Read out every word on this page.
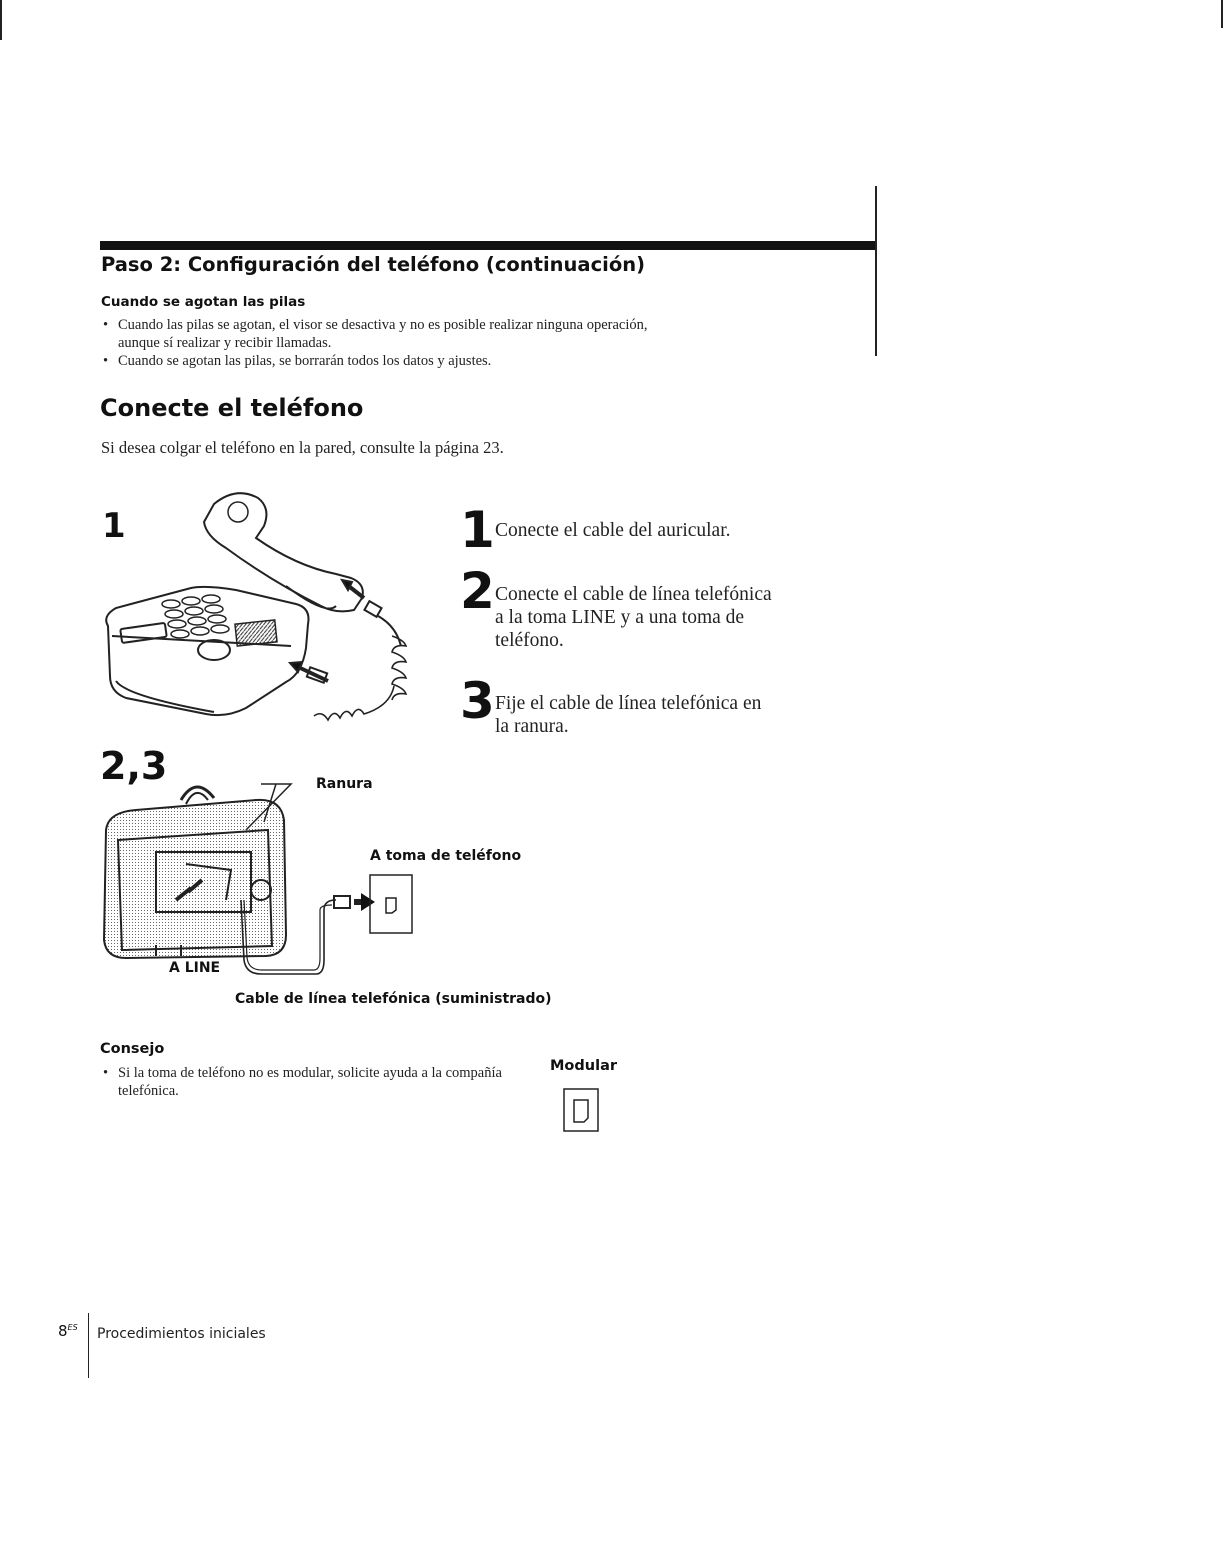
Paso 2: Configuración del teléfono (continuación)
Cuando se agotan las pilas
• Cuando las pilas se agotan, el visor se desactiva y no es posible realizar ninguna operación, aunque sí realizar y recibir llamadas.
• Cuando se agotan las pilas, se borrarán todos los datos y ajustes.
Conecte el teléfono
Si desea colgar el teléfono en la pared, consulte la página 23.
1
2,3	Ranura
A toma de teléfono
A LINE
Cable de línea telefónica (suministrado)
1 Conecte el cable del auricular.
2 Conecte el cable de línea telefónica a la toma LINE y a una toma de teléfono.
3 Fije el cable de línea telefónica en la ranura.
Consejo
• Si la toma de teléfono no es modular, solicite ayuda a la compañía telefónica.
Modular
$8^{ES}$ Procedimientos iniciales
